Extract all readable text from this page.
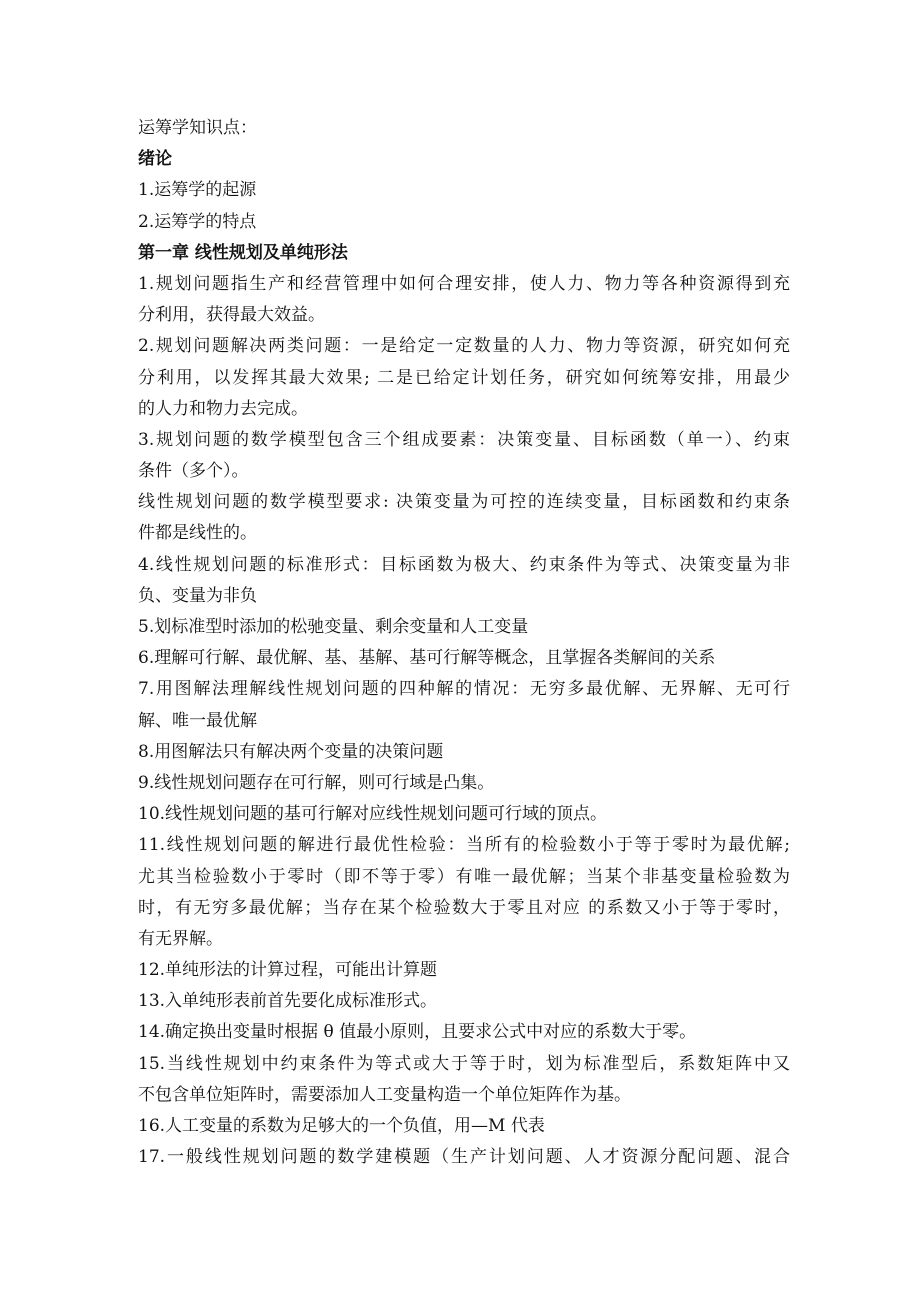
运筹学知识点：
绪论
1.运筹学的起源
2.运筹学的特点
第一章 线性规划及单纯形法
1.规划问题指生产和经营管理中如何合理安排，使人力、物力等各种资源得到充
分利用，获得最大效益。
2.规划问题解决两类问题：一是给定一定数量的人力、物力等资源，研究如何充
分利用，以发挥其最大效果; 二是已给定计划任务，研究如何统筹安排，用最少
的人力和物力去完成。
3.规划问题的数学模型包含三个组成要素：决策变量、目标函数（单一）、约束
条件（多个）。
线性规划问题的数学模型要求: 决策变量为可控的连续变量，目标函数和约束条
件都是线性的。
4.线性规划问题的标准形式：目标函数为极大、约束条件为等式、决策变量为非
负、变量为非负
5.划标准型时添加的松驰变量、剩余变量和人工变量
6.理解可行解、最优解、基、基解、基可行解等概念，且掌握各类解间的关系
7.用图解法理解线性规划问题的四种解的情况：无穷多最优解、无界解、无可行
解、唯一最优解
8.用图解法只有解决两个变量的决策问题
9.线性规划问题存在可行解，则可行域是凸集。
10.线性规划问题的基可行解对应线性规划问题可行域的顶点。
11.线性规划问题的解进行最优性检验：当所有的检验数小于等于零时为最优解;
尤其当检验数小于零时（即不等于零）有唯一最优解；当某个非基变量检验数为
时，有无穷多最优解；当存在某个检验数大于零且对应 的系数又小于等于零时，
有无界解。
12.单纯形法的计算过程，可能出计算题
13.入单纯形表前首先要化成标准形式。
14.确定换出变量时根据 θ 值最小原则，且要求公式中对应的系数大于零。
15.当线性规划中约束条件为等式或大于等于时，划为标准型后，系数矩阵中又
不包含单位矩阵时，需要添加人工变量构造一个单位矩阵作为基。
16.人工变量的系数为足够大的一个负值，用—M 代表
17.一般线性规划问题的数学建模题（生产计划问题、人才资源分配问题、混合
